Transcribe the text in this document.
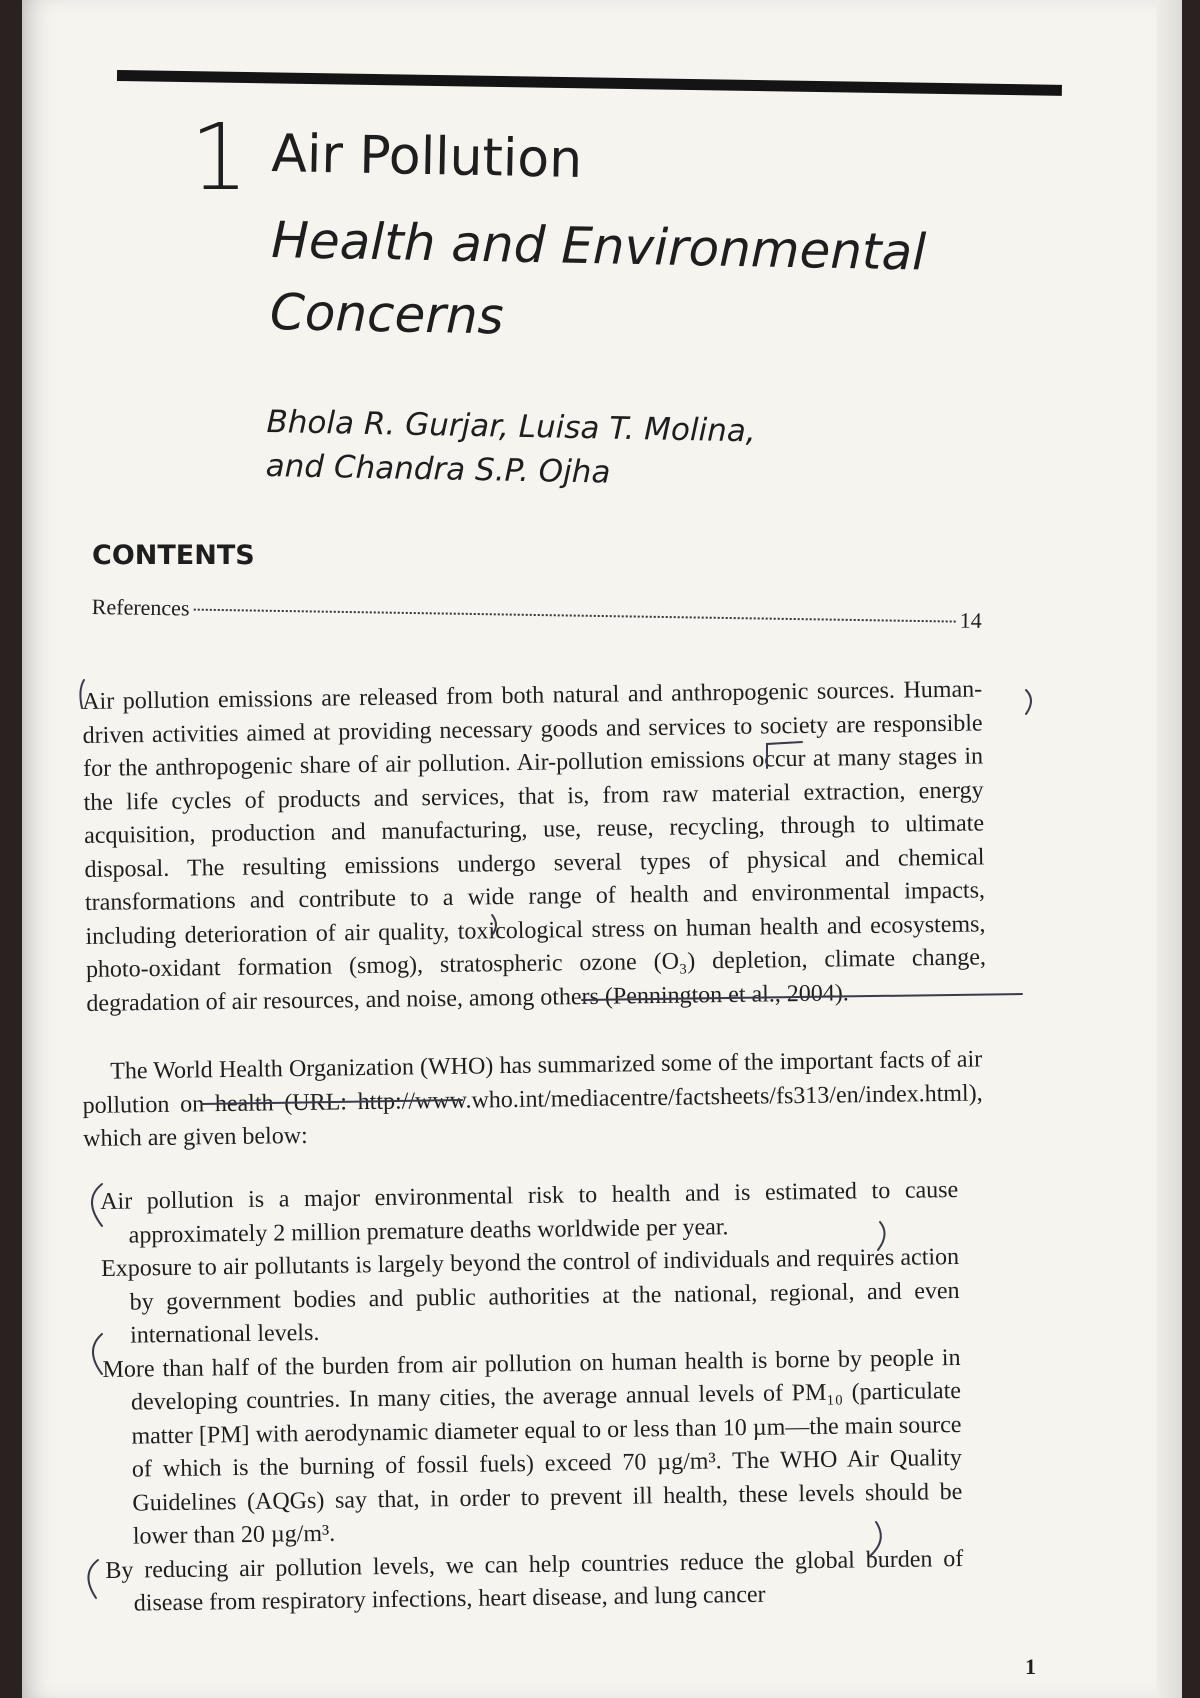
1 Air Pollution
Health and Environmental Concerns
Bhola R. Gurjar, Luisa T. Molina,
and Chandra S.P. Ojha
CONTENTS
References	14

Air pollution emissions are released from both natural and anthropogenic sources. Human-driven activities aimed at providing necessary goods and services to society are responsible for the anthropogenic share of air pollution. Air-pollution emissions occur at many stages in the life cycles of products and services, that is, from raw material extraction, energy acquisition, production and manufacturing, use, reuse, recycling, through to ultimate disposal. The resulting emissions undergo several types of physical and chemical transformations and contribute to a wide range of health and environmental impacts, including deterioration of air quality, toxicological stress on human health and ecosystems, photo-oxidant formation (smog), stratospheric ozone (O₃) depletion, climate change, degradation of air resources, and noise, among others (Pennington et al., 2004).

The World Health Organization (WHO) has summarized some of the important facts of air pollution on health (URL: http://www.who.int/mediacentre/factsheets/fs313/en/index.html), which are given below:

Air pollution is a major environmental risk to health and is estimated to cause approximately 2 million premature deaths worldwide per year.

Exposure to air pollutants is largely beyond the control of individuals and requires action by government bodies and public authorities at the national, regional, and even international levels.

More than half of the burden from air pollution on human health is borne by people in developing countries. In many cities, the average annual levels of PM₁₀ (particulate matter [PM] with aerodynamic diameter equal to or less than 10 µm—the main source of which is the burning of fossil fuels) exceed 70 µg/m³. The WHO Air Quality Guidelines (AQGs) say that, in order to prevent ill health, these levels should be lower than 20 µg/m³.

By reducing air pollution levels, we can help countries reduce the global burden of disease from respiratory infections, heart disease, and lung cancer

1
